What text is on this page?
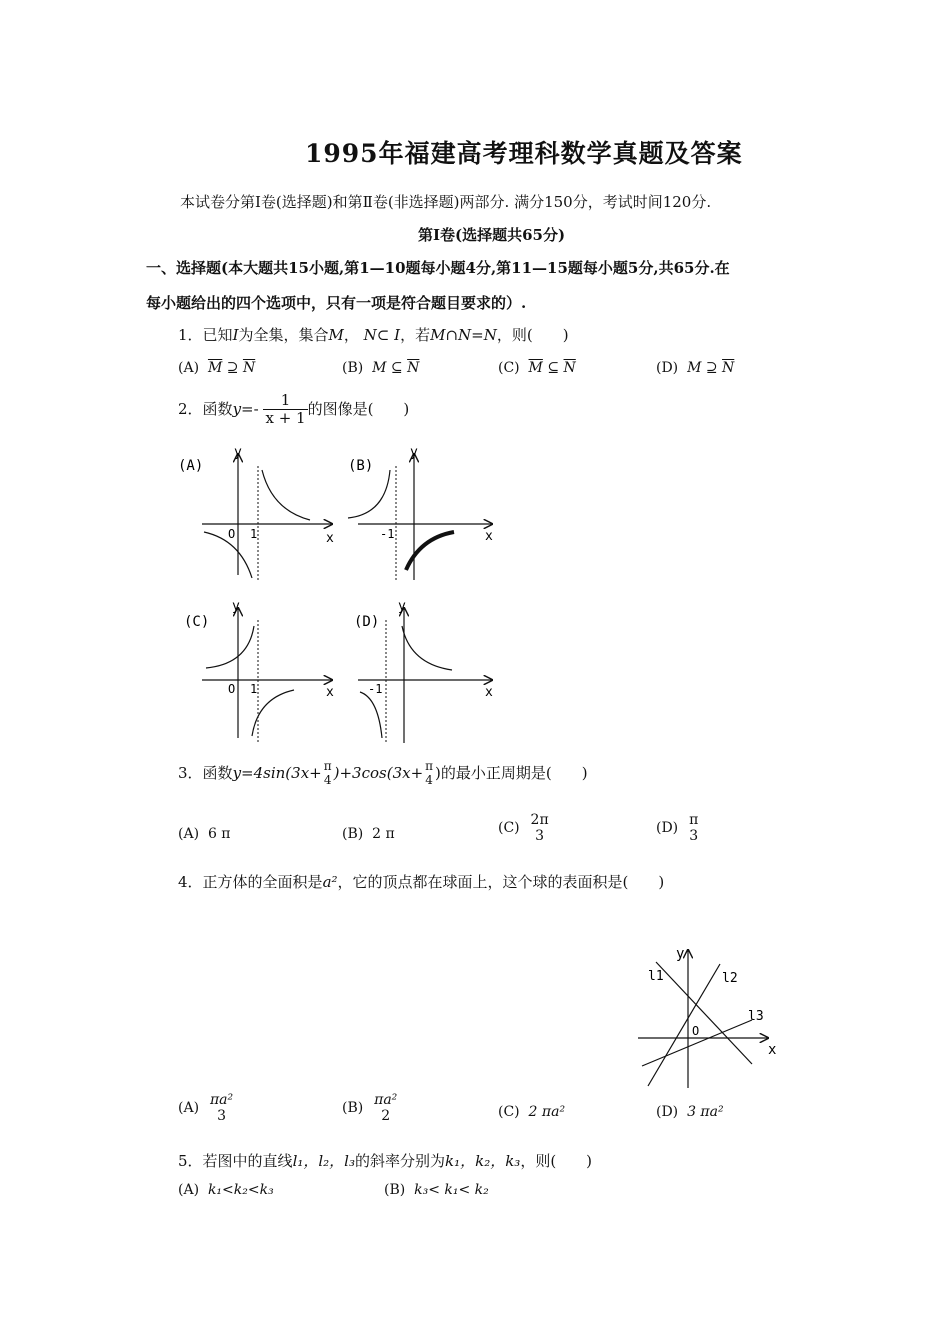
1995年福建高考理科数学真题及答案
本试卷分第Ⅰ卷(选择题)和第Ⅱ卷(非选择题)两部分. 满分150分，考试时间120分.
第Ⅰ卷(选择题共65分)
一、选择题(本大题共15小题,第1—10题每小题4分,第11—15题每小题5分,共65分.在
每小题给出的四个选项中，只有一项是符合题目要求的）.
1．已知I为全集，集合M， N⊂ I，若M∩N=N，则(　　)
(A) $\overline{M}$ ⊇ $\overline{N}$	(B) M ⊆ $\overline{N}$	(C) $\overline{M}$ ⊆ $\overline{N}$	(D) M ⊇ $\overline{N}$
2．函数$y=- \frac{1}{x + 1}$ 的图像是(　　)
(A)
y
x
O 1
(B)
y
x
-1
(C)
y
x
O 1
(D)
y
x
-1
3．函数y=4sin(3x+ π
4 )+3cos(3x+ π
4 )的最小正周期是(　　)
(A) 6 π	(B) 2 π	(C)
2π
3	(D)
π
3
4．正方体的全面积是a²，它的顶点都在球面上，这个球的表面积是(　　)
y
x
O
l1	l2
l3
(A)
πa²
3	(B)
πa²
2	(C) 2 πa²	(D) 3 πa²
5．若图中的直线l₁，l₂，l₃的斜率分别为k₁，k₂，k₃，则(　　)
(A) k₁<k₂<k₃	(B) k₃< k₁< k₂
